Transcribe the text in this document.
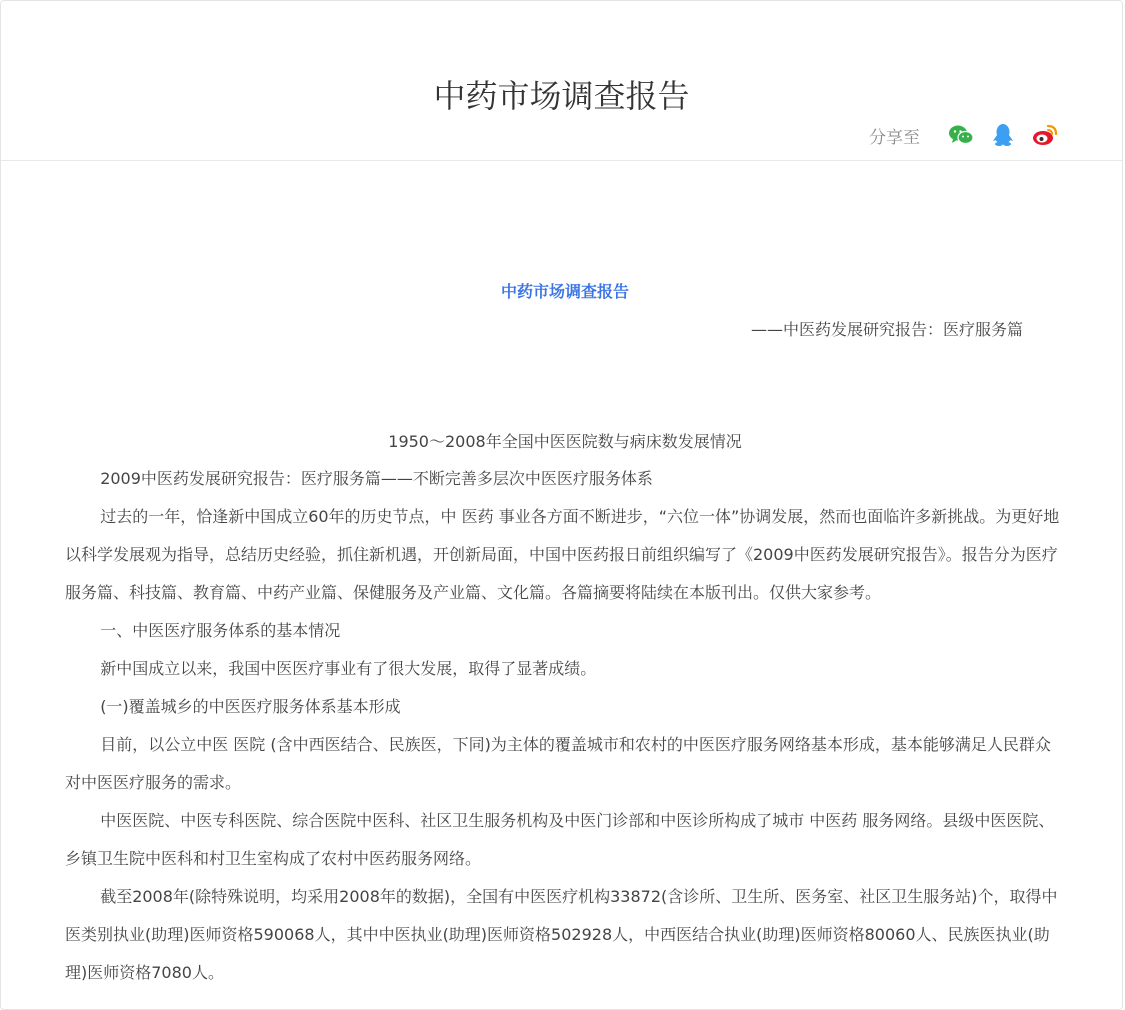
中药市场调查报告
分享至
中药市场调查报告
——中医药发展研究报告：医疗服务篇
1950～2008年全国中医医院数与病床数发展情况

2009中医药发展研究报告：医疗服务篇——不断完善多层次中医医疗服务体系

过去的一年，恰逢新中国成立60年的历史节点，中 医药 事业各方面不断进步，“六位一体”协调发展，然而也面临许多新挑战。为更好地以科学发展观为指导，总结历史经验，抓住新机遇，开创新局面，中国中医药报日前组织编写了《2009中医药发展研究报告》。报告分为医疗服务篇、科技篇、教育篇、中药产业篇、保健服务及产业篇、文化篇。各篇摘要将陆续在本版刊出。仅供大家参考。

一、中医医疗服务体系的基本情况

新中国成立以来，我国中医医疗事业有了很大发展，取得了显著成绩。

(一)覆盖城乡的中医医疗服务体系基本形成

目前，以公立中医 医院 (含中西医结合、民族医，下同)为主体的覆盖城市和农村的中医医疗服务网络基本形成，基本能够满足人民群众对中医医疗服务的需求。

中医医院、中医专科医院、综合医院中医科、社区卫生服务机构及中医门诊部和中医诊所构成了城市 中医药 服务网络。县级中医医院、乡镇卫生院中医科和村卫生室构成了农村中医药服务网络。

截至2008年(除特殊说明，均采用2008年的数据)，全国有中医医疗机构33872(含诊所、卫生所、医务室、社区卫生服务站)个，取得中医类别执业(助理)医师资格590068人，其中中医执业(助理)医师资格502928人，中西医结合执业(助理)医师资格80060人、民族医执业(助理)医师资格7080人。
